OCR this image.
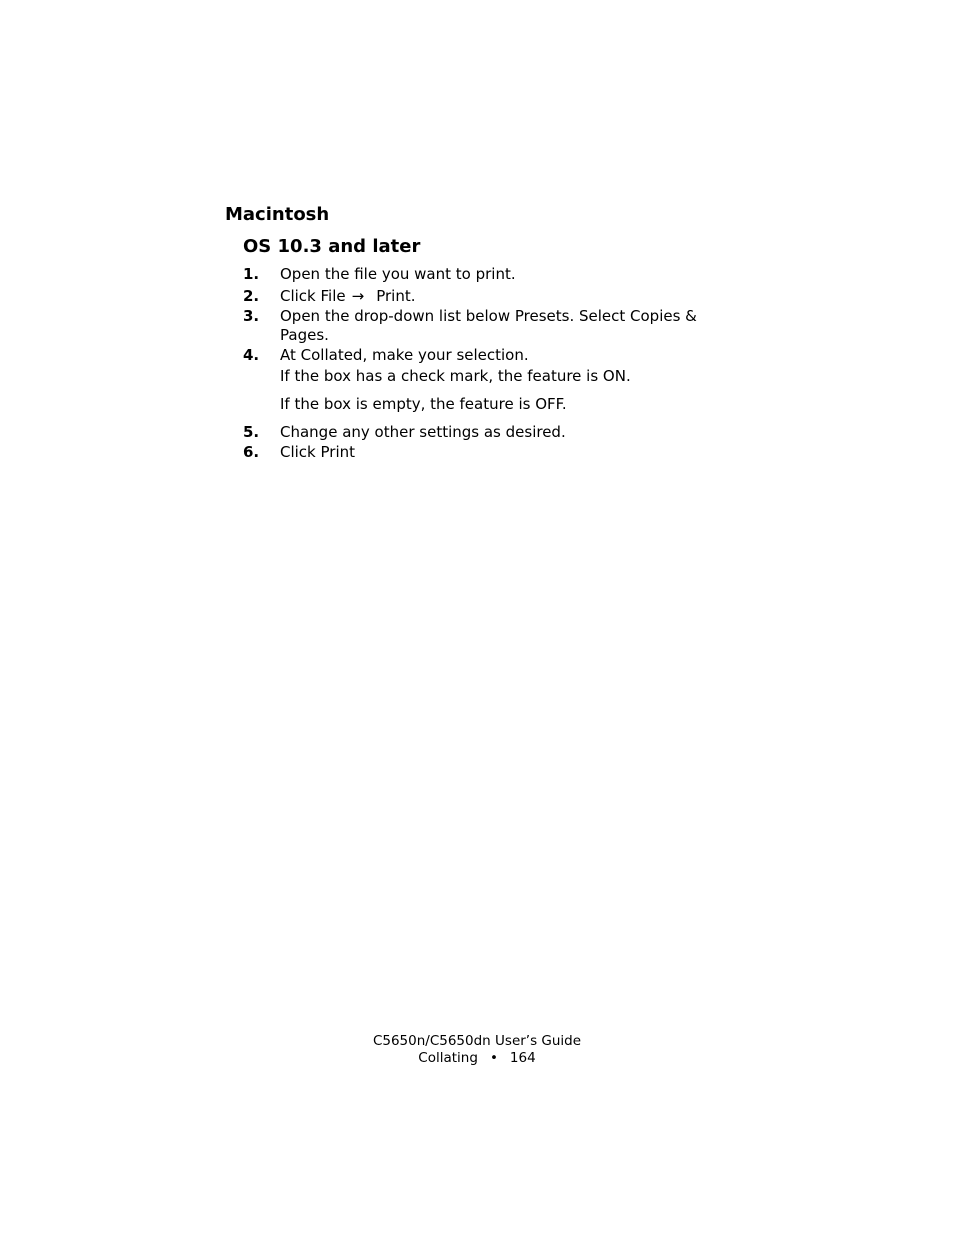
Macintosh
OS 10.3 and later
1. Open the file you want to print.
2. Click File → Print.
3. Open the drop-down list below Presets. Select Copies & Pages.
4. At Collated, make your selection.
If the box has a check mark, the feature is ON.
If the box is empty, the feature is OFF.
5. Change any other settings as desired.
6. Click Print
C5650n/C5650dn User’s Guide
Collating • 164
